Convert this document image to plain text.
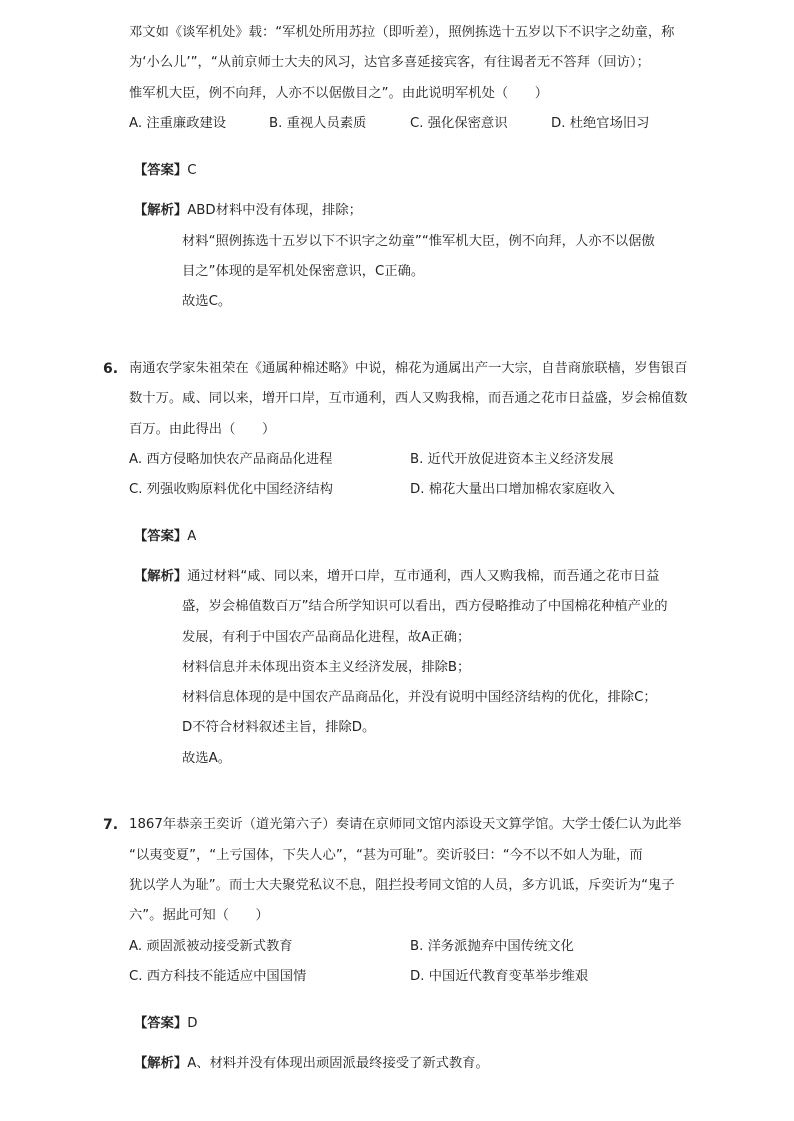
邓文如《谈军机处》载：“军机处所用苏拉（即听差），照例拣选十五岁以下不识字之幼童，称
为‘小么儿’”，“从前京师士大夫的风习，达官多喜延接宾客，有往谒者无不答拜（回访）；
惟军机大臣，例不向拜，人亦不以倨傲目之”。由此说明军机处（　　）
A. 注重廉政建设	B. 重视人员素质	C. 强化保密意识	D. 杜绝官场旧习
【答案】C
【解析】ABD材料中没有体现，排除；
材料“照例拣选十五岁以下不识字之幼童”“惟军机大臣，例不向拜，人亦不以倨傲
目之”体现的是军机处保密意识，C正确。
故选C。
6. 南通农学家朱祖荣在《通属种棉述略》中说，棉花为通属出产一大宗，自昔商旅联樯，岁售银百
数十万。咸、同以来，增开口岸，互市通利，西人又购我棉，而吾通之花市日益盛，岁会棉值数
百万。由此得出（　　）
A. 西方侵略加快农产品商品化进程	B. 近代开放促进资本主义经济发展
C. 列强收购原料优化中国经济结构	D. 棉花大量出口增加棉农家庭收入
【答案】A
【解析】通过材料“咸、同以来，增开口岸，互市通利，西人又购我棉，而吾通之花市日益
盛，岁会棉值数百万”结合所学知识可以看出，西方侵略推动了中国棉花种植产业的
发展，有利于中国农产品商品化进程，故A正确；
材料信息并未体现出资本主义经济发展，排除B；
材料信息体现的是中国农产品商品化，并没有说明中国经济结构的优化，排除C；
D不符合材料叙述主旨，排除D。
故选A。
7. 1867年恭亲王奕䜣（道光第六子）奏请在京师同文馆内添设天文算学馆。大学士倭仁认为此举
“以夷变夏”，“上亏国体，下失人心”，“甚为可耻”。奕䜣驳曰：“今不以不如人为耻，而
犹以学人为耻”。而士大夫聚党私议不息，阻拦投考同文馆的人员，多方讥诋，斥奕䜣为“鬼子
六”。据此可知（　　）
A. 顽固派被动接受新式教育	B. 洋务派抛弃中国传统文化
C. 西方科技不能适应中国国情	D. 中国近代教育变革举步维艰
【答案】D
【解析】A、材料并没有体现出顽固派最终接受了新式教育。
